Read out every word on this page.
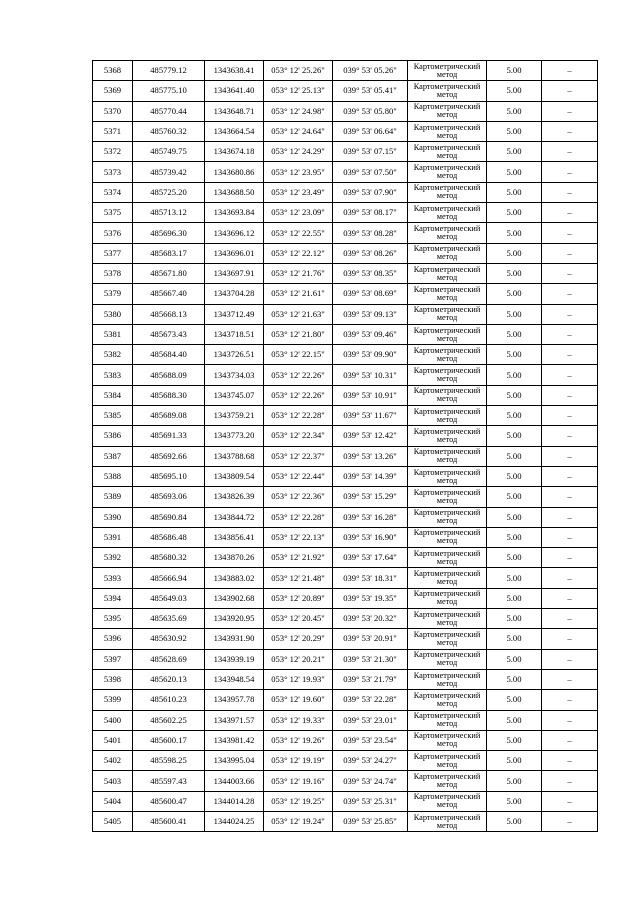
5368	485779.12	1343638.41	053° 12' 25.26"	039° 53' 05.26"	Картометрический метод	5.00	–
5369	485775.10	1343641.40	053° 12' 25.13"	039° 53' 05.41"	Картометрический метод	5.00	–
5370	485770.44	1343648.71	053° 12' 24.98"	039° 53' 05.80"	Картометрический метод	5.00	–
5371	485760.32	1343664.54	053° 12' 24.64"	039° 53' 06.64"	Картометрический метод	5.00	–
5372	485749.75	1343674.18	053° 12' 24.29"	039° 53' 07.15"	Картометрический метод	5.00	–
5373	485739.42	1343680.86	053° 12' 23.95"	039° 53' 07.50"	Картометрический метод	5.00	–
5374	485725.20	1343688.50	053° 12' 23.49"	039° 53' 07.90"	Картометрический метод	5.00	–
5375	485713.12	1343693.84	053° 12' 23.09"	039° 53' 08.17"	Картометрический метод	5.00	–
5376	485696.30	1343696.12	053° 12' 22.55"	039° 53' 08.28"	Картометрический метод	5.00	–
5377	485683.17	1343696.01	053° 12' 22.12"	039° 53' 08.26"	Картометрический метод	5.00	–
5378	485671.80	1343697.91	053° 12' 21.76"	039° 53' 08.35"	Картометрический метод	5.00	–
5379	485667.40	1343704.28	053° 12' 21.61"	039° 53' 08.69"	Картометрический метод	5.00	–
5380	485668.13	1343712.49	053° 12' 21.63"	039° 53' 09.13"	Картометрический метод	5.00	–
5381	485673.43	1343718.51	053° 12' 21.80"	039° 53' 09.46"	Картометрический метод	5.00	–
5382	485684.40	1343726.51	053° 12' 22.15"	039° 53' 09.90"	Картометрический метод	5.00	–
5383	485688.09	1343734.03	053° 12' 22.26"	039° 53' 10.31"	Картометрический метод	5.00	–
5384	485688.30	1343745.07	053° 12' 22.26"	039° 53' 10.91"	Картометрический метод	5.00	–
5385	485689.08	1343759.21	053° 12' 22.28"	039° 53' 11.67"	Картометрический метод	5.00	–
5386	485691.33	1343773.20	053° 12' 22.34"	039° 53' 12.42"	Картометрический метод	5.00	–
5387	485692.66	1343788.68	053° 12' 22.37"	039° 53' 13.26"	Картометрический метод	5.00	–
5388	485695.10	1343809.54	053° 12' 22.44"	039° 53' 14.39"	Картометрический метод	5.00	–
5389	485693.06	1343826.39	053° 12' 22.36"	039° 53' 15.29"	Картометрический метод	5.00	–
5390	485690.84	1343844.72	053° 12' 22.28"	039° 53' 16.28"	Картометрический метод	5.00	–
5391	485686.48	1343856.41	053° 12' 22.13"	039° 53' 16.90"	Картометрический метод	5.00	–
5392	485680.32	1343870.26	053° 12' 21.92"	039° 53' 17.64"	Картометрический метод	5.00	–
5393	485666.94	1343883.02	053° 12' 21.48"	039° 53' 18.31"	Картометрический метод	5.00	–
5394	485649.03	1343902.68	053° 12' 20.89"	039° 53' 19.35"	Картометрический метод	5.00	–
5395	485635.69	1343920.95	053° 12' 20.45"	039° 53' 20.32"	Картометрический метод	5.00	–
5396	485630.92	1343931.90	053° 12' 20.29"	039° 53' 20.91"	Картометрический метод	5.00	–
5397	485628.69	1343939.19	053° 12' 20.21"	039° 53' 21.30"	Картометрический метод	5.00	–
5398	485620.13	1343948.54	053° 12' 19.93"	039° 53' 21.79"	Картометрический метод	5.00	–
5399	485610.23	1343957.78	053° 12' 19.60"	039° 53' 22.28"	Картометрический метод	5.00	–
5400	485602.25	1343971.57	053° 12' 19.33"	039° 53' 23.01"	Картометрический метод	5.00	–
5401	485600.17	1343981.42	053° 12' 19.26"	039° 53' 23.54"	Картометрический метод	5.00	–
5402	485598.25	1343995.04	053° 12' 19.19"	039° 53' 24.27"	Картометрический метод	5.00	–
5403	485597.43	1344003.66	053° 12' 19.16"	039° 53' 24.74"	Картометрический метод	5.00	–
5404	485600.47	1344014.28	053° 12' 19.25"	039° 53' 25.31"	Картометрический метод	5.00	–
5405	485600.41	1344024.25	053° 12' 19.24"	039° 53' 25.85"	Картометрический метод	5.00	–
